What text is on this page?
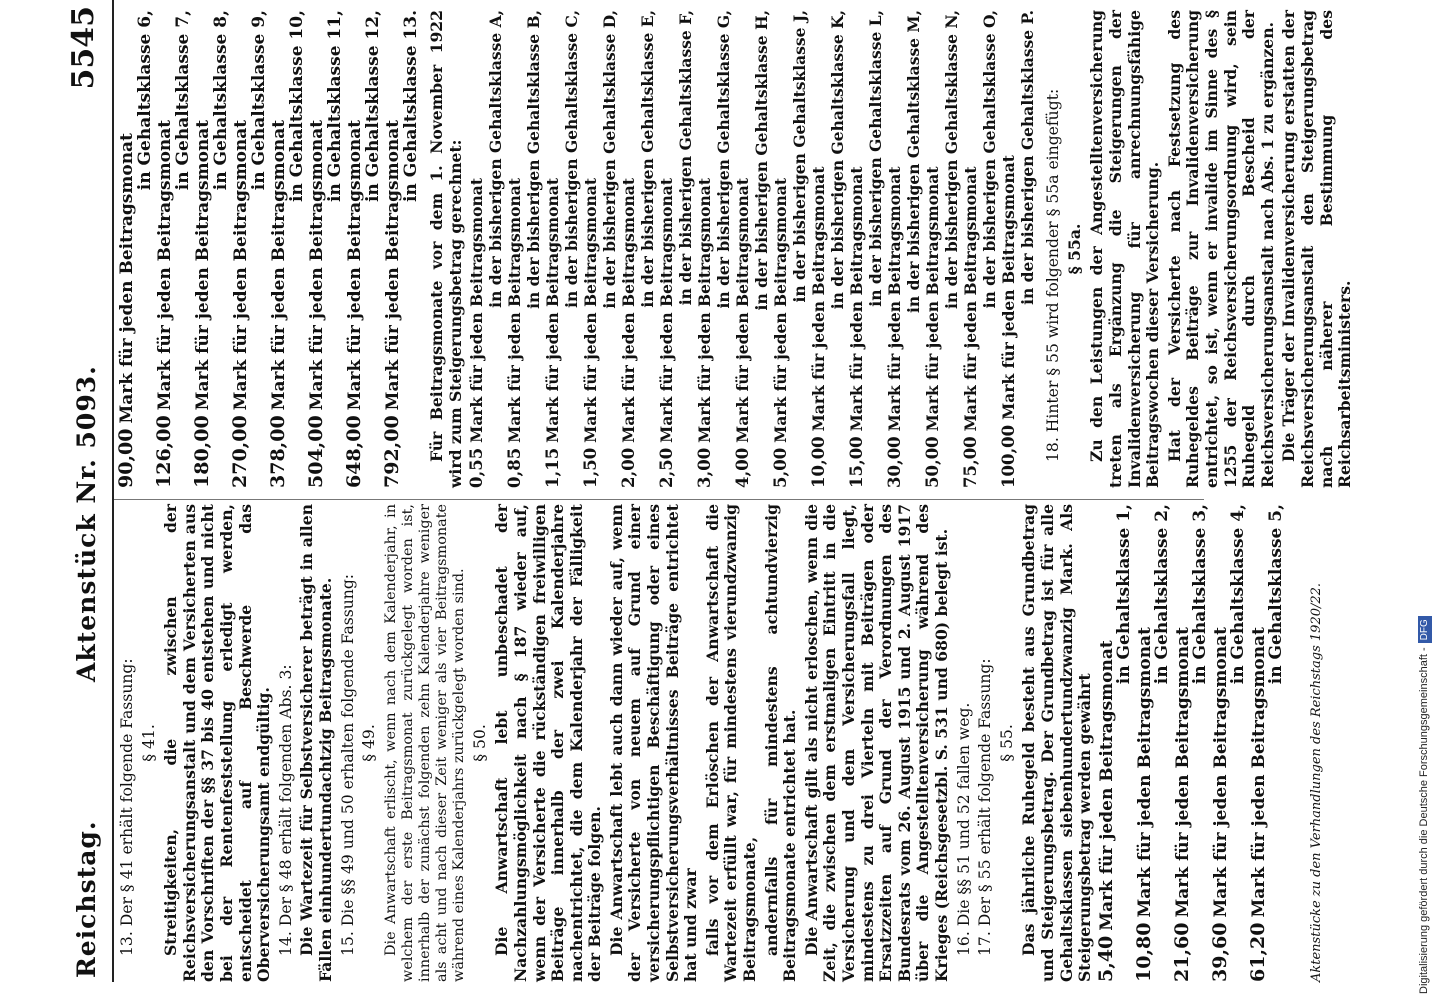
Reichstag.
Aktenstück Nr. 5093.
5545

13. Der § 41 erhält folgende Fassung: § 41. Streitigkeiten, die zwischen der Reichsversicherungsanstalt und dem Versicherten aus den Vorschriften der §§ 37 bis 40 entstehen und nicht bei der Rentenfeststellung erledigt werden, entscheidet auf Beschwerde das Oberversicherungsamt endgültig. 14. Der § 48 erhält folgenden Abs. 3: Die Wartezeit für Selbstversicherer beträgt in allen Fällen einhundertundachtzig Beitragsmonate. 15. Die §§ 49 und 50 erhalten folgende Fassung: § 49. Die Anwartschaft erlischt, wenn nach dem Kalenderjahr, in welchem der erste Beitragsmonat zurückgelegt worden ist, innerhalb der zunächst folgenden zehn Kalenderjahre weniger als acht und nach dieser Zeit weniger als vier Beitragsmonate während eines Kalenderjahrs zurückgelegt worden sind. § 50. Die Anwartschaft lebt unbeschadet der Nachzahlungsmöglichkeit nach § 187 wieder auf, wenn der Versicherte die rückständigen freiwilligen Beiträge innerhalb der zwei Kalenderjahre nachentrichtet, die dem Kalenderjahr der Fälligkeit der Beiträge folgen. Die Anwartschaft lebt auch dann wieder auf, wenn der Versicherte von neuem auf Grund einer versicherungspflichtigen Beschäftigung oder eines Selbstversicherungsverhältnisses Beiträge entrichtet hat und zwar falls vor dem Erlöschen der Anwartschaft die Wartezeit erfüllt war, für mindestens vierundzwanzig Beitragsmonate, andernfalls für mindestens achtundvierzig Beitragsmonate entrichtet hat. Die Anwartschaft gilt als nicht erloschen, wenn die Zeit, die zwischen dem erstmaligen Eintritt in die Versicherung und dem Versicherungsfall liegt, mindestens zu drei Vierteln mit Beiträgen oder Ersatzzeiten auf Grund der Verordnungen des Bundesrats vom 26. August 1915 und 2. August 1917 über die Angestelltenversicherung während des Krieges (Reichsgesetzbl. S. 531 und 680) belegt ist. 16. Die §§ 51 und 52 fallen weg. 17. Der § 55 erhält folgende Fassung: § 55. Das jährliche Ruhegeld besteht aus Grundbetrag und Steigerungsbetrag. Der Grundbetrag ist für alle Gehaltsklassen siebenhundertundzwanzig Mark. Als Steigerungsbetrag werden gewährt 5,40 Mark für jeden Beitragsmonat
in Gehaltsklasse 1,
10,80 Mark für jeden Beitragsmonat
in Gehaltsklasse 2,
21,60 Mark für jeden Beitragsmonat
in Gehaltsklasse 3,
39,60 Mark für jeden Beitragsmonat
in Gehaltsklasse 4,
61,20 Mark für jeden Beitragsmonat
in Gehaltsklasse 5,
90,00 Mark für jeden Beitragsmonat
in Gehaltsklasse 6,
126,00 Mark für jeden Beitragsmonat
in Gehaltsklasse 7,
180,00 Mark für jeden Beitragsmonat
in Gehaltsklasse 8,
270,00 Mark für jeden Beitragsmonat
in Gehaltsklasse 9,
378,00 Mark für jeden Beitragsmonat
in Gehaltsklasse 10,
504,00 Mark für jeden Beitragsmonat
in Gehaltsklasse 11,
648,00 Mark für jeden Beitragsmonat
in Gehaltsklasse 12,
792,00 Mark für jeden Beitragsmonat
in Gehaltsklasse 13. Für Beitragsmonate vor dem 1. November 1922 wird zum Steigerungsbetrag gerechnet: 0,55 Mark für jeden Beitragsmonat
in der bisherigen Gehaltsklasse A,
0,85 Mark für jeden Beitragsmonat
in der bisherigen Gehaltsklasse B,
1,15 Mark für jeden Beitragsmonat
in der bisherigen Gehaltsklasse C,
1,50 Mark für jeden Beitragsmonat
in der bisherigen Gehaltsklasse D,
2,00 Mark für jeden Beitragsmonat
in der bisherigen Gehaltsklasse E,
2,50 Mark für jeden Beitragsmonat
in der bisherigen Gehaltsklasse F,
3,00 Mark für jeden Beitragsmonat
in der bisherigen Gehaltsklasse G,
4,00 Mark für jeden Beitragsmonat in der bisherigen Gehaltsklasse H,
5,00 Mark für jeden Beitragsmonat
in der bisherigen Gehaltsklasse J,
10,00 Mark für jeden Beitragsmonat in der bisherigen Gehaltsklasse K,
15,00 Mark für jeden Beitragsmonat in der bisherigen Gehaltsklasse L,
30,00 Mark für jeden Beitragsmonat in der bisherigen Gehaltsklasse M,
50,00 Mark für jeden Beitragsmonat in der bisherigen Gehaltsklasse N,
75,00 Mark für jeden Beitragsmonat in der bisherigen Gehaltsklasse O,
100,00 Mark für jeden Beitragsmonat in der bisherigen Gehaltsklasse P. 18. Hinter § 55 wird folgender § 55a eingefügt: § 55a. Zu den Leistungen der Angestelltenversicherung treten als Ergänzung die Steigerungen der Invalidenversicherung für anrechnungsfähige Beitragswochen dieser Versicherung. Hat der Versicherte nach Festsetzung des Ruhegeldes Beiträge zur Invalidenversicherung entrichtet, so ist, wenn er invalide im Sinne des § 1255 der Reichsversicherungsordnung wird, sein Ruhegeld durch Bescheid der Reichsversicherungsanstalt nach Abs. 1 zu ergänzen. Die Träger der Invalidenversicherung erstatten der Reichsversicherungsanstalt den Steigerungsbetrag nach näherer Bestimmung des Reichsarbeitsministers.

Aktenstücke zu den Verhandlungen des Reichstags 1920/22.	Digitalisierung gefördert durch die Deutsche Forschungsgemeinschaft -DFG
